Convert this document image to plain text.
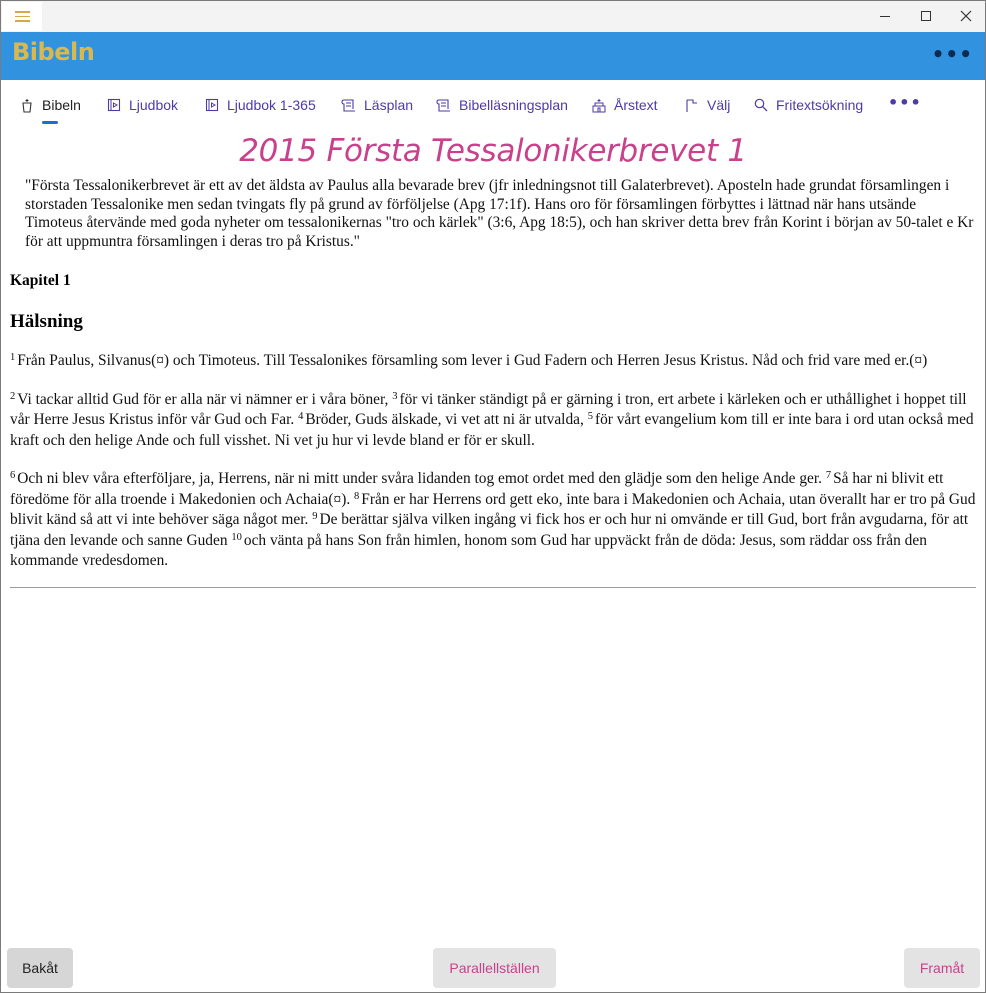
Bibeln	•••
Bibeln	Ljudbok	Ljudbok 1-365	Läsplan	Bibelläsningsplan	Årstext	Välj	Fritextsökning •••
2015 Första Tessalonikerbrevet 1
"Första Tessalonikerbrevet är ett av det äldsta av Paulus alla bevarade brev (jfr inledningsnot till Galaterbrevet). Aposteln hade grundat församlingen i storstaden Tessalonike men sedan tvingats fly på grund av förföljelse (Apg 17:1f). Hans oro för församlingen förbyttes i lättnad när hans utsände Timoteus återvände med goda nyheter om tessalonikernas "tro och kärlek" (3:6, Apg 18:5), och han skriver detta brev från Korint i början av 50-talet e Kr för att uppmuntra församlingen i deras tro på Kristus."
Kapitel 1
Hälsning

$^1$ Från Paulus, Silvanus(¤) och Timoteus. Till Tessalonikes församling som lever i Gud Fadern och Herren Jesus Kristus. Nåd och frid vare med er.(¤)

$^2$ Vi tackar alltid Gud för er alla när vi nämner er i våra böner, $^3$ för vi tänker ständigt på er gärning i tron, ert arbete i kärleken och er uthållighet i hoppet till vår Herre Jesus Kristus inför vår Gud och Far. $^4$ Bröder, Guds älskade, vi vet att ni är utvalda, $^5$ för vårt evangelium kom till er inte bara i ord utan också med kraft och den helige Ande och full visshet. Ni vet ju hur vi levde bland er för er skull.

$^6$ Och ni blev våra efterföljare, ja, Herrens, när ni mitt under svåra lidanden tog emot ordet med den glädje som den helige Ande ger. $^7$ Så har ni blivit ett föredöme för alla troende i Makedonien och Achaia(¤). $^8$ Från er har Herrens ord gett eko, inte bara i Makedonien och Achaia, utan överallt har er tro på Gud blivit känd så att vi inte behöver säga något mer. $^9$ De berättar själva vilken ingång vi fick hos er och hur ni omvände er till Gud, bort från avgudarna, för att tjäna den levande och sanne Guden $^{10}$ och vänta på hans Son från himlen, honom som Gud har uppväckt från de döda: Jesus, som räddar oss från den kommande vredesdomen.

Bakåt	Parallellställen	Framåt
